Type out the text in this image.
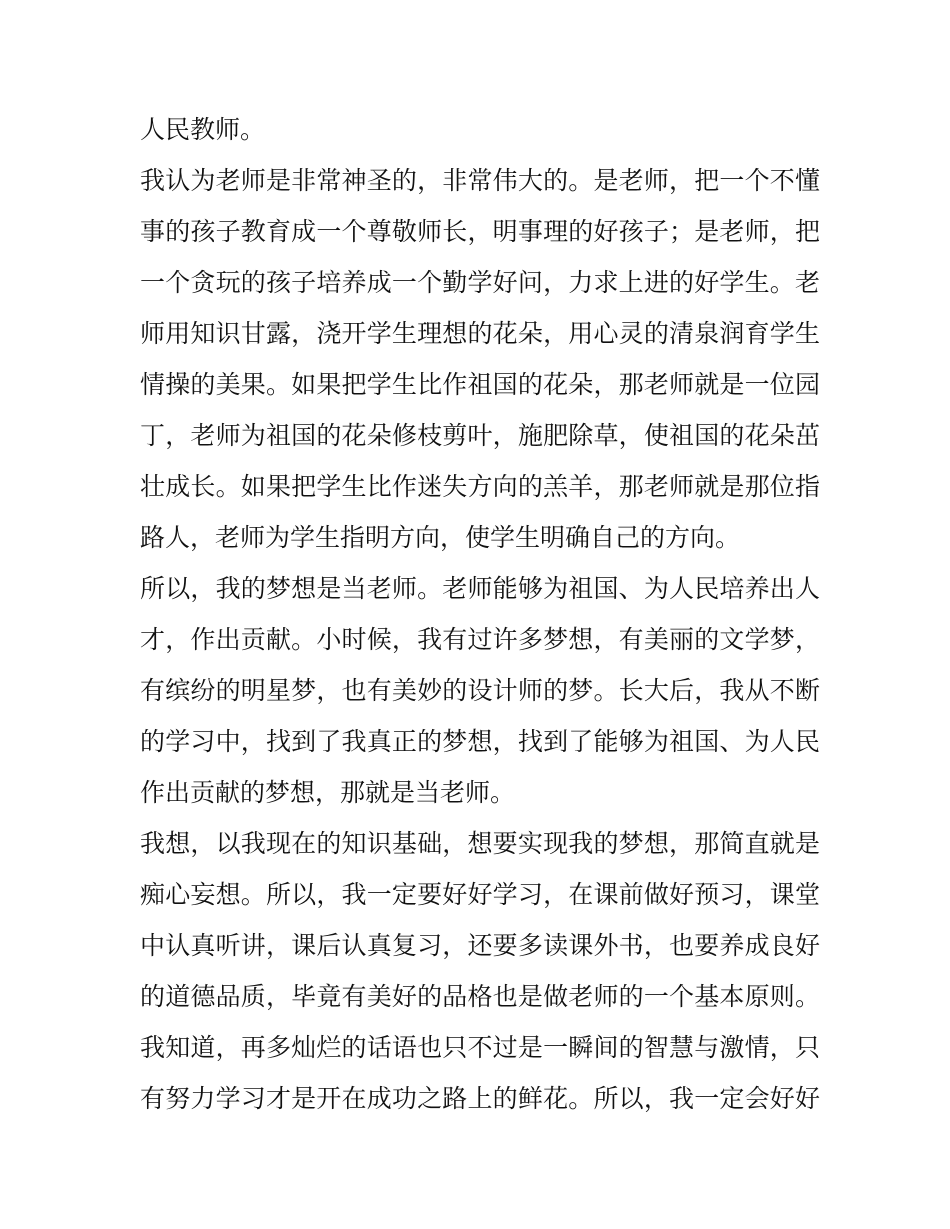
人民教师。

我认为老师是非常神圣的，非常伟大的。是老师，把一个不懂

事的孩子教育成一个尊敬师长，明事理的好孩子；是老师，把

一个贪玩的孩子培养成一个勤学好问，力求上进的好学生。老

师用知识甘露，浇开学生理想的花朵，用心灵的清泉润育学生

情操的美果。如果把学生比作祖国的花朵，那老师就是一位园

丁，老师为祖国的花朵修枝剪叶，施肥除草，使祖国的花朵茁

壮成长。如果把学生比作迷失方向的羔羊，那老师就是那位指

路人，老师为学生指明方向，使学生明确自己的方向。

所以，我的梦想是当老师。老师能够为祖国、为人民培养出人

才，作出贡献。小时候，我有过许多梦想，有美丽的文学梦，

有缤纷的明星梦，也有美妙的设计师的梦。长大后，我从不断

的学习中，找到了我真正的梦想，找到了能够为祖国、为人民

作出贡献的梦想，那就是当老师。

我想，以我现在的知识基础，想要实现我的梦想，那简直就是

痴心妄想。所以，我一定要好好学习，在课前做好预习，课堂

中认真听讲，课后认真复习，还要多读课外书，也要养成良好

的道德品质，毕竟有美好的品格也是做老师的一个基本原则。

我知道，再多灿烂的话语也只不过是一瞬间的智慧与激情，只

有努力学习才是开在成功之路上的鲜花。所以，我一定会好好
